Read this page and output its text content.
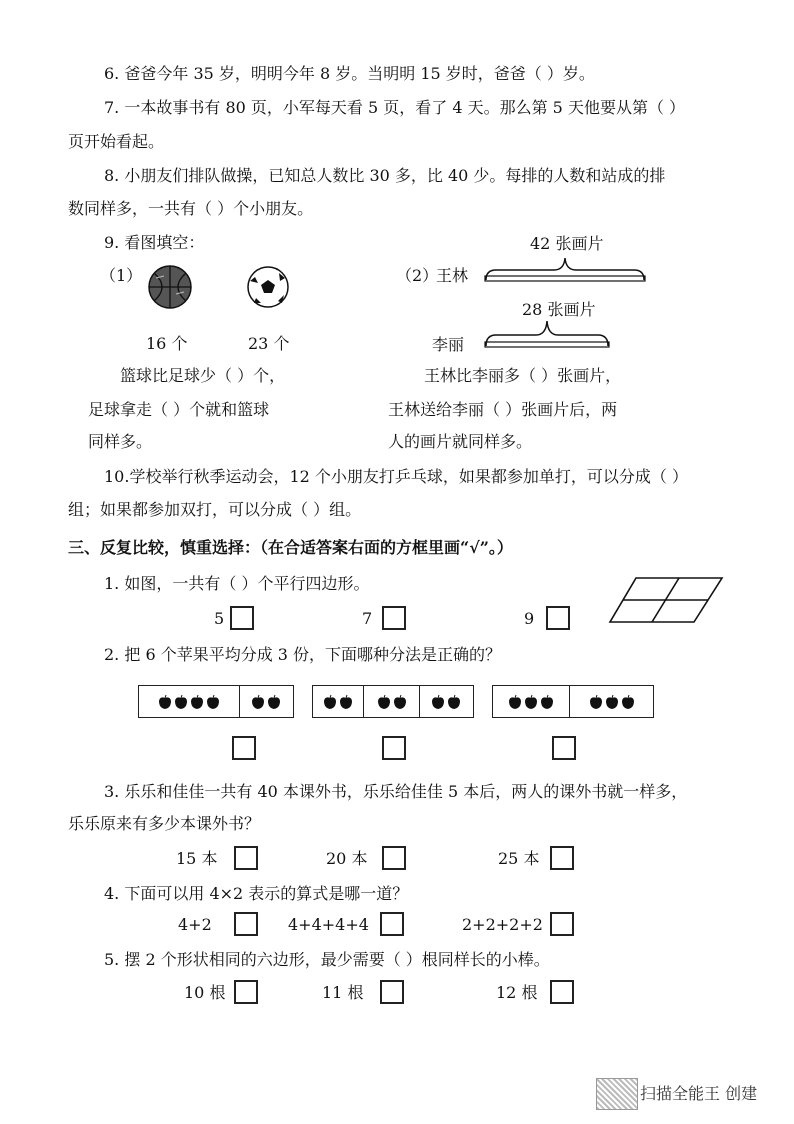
6. 爸爸今年 35 岁，明明今年 8 岁。当明明 15 岁时，爸爸（ ）岁。
7. 一本故事书有 80 页，小军每天看 5 页，看了 4 天。那么第 5 天他要从第（ ）
页开始看起。
8. 小朋友们排队做操，已知总人数比 30 多，比 40 少。每排的人数和站成的排
数同样多，一共有（ ）个小朋友。
9. 看图填空：
（1）
16 个	23 个
篮球比足球少（ ）个，
足球拿走（ ）个就和篮球
同样多。
（2）
王林
42 张画片
28 张画片
李丽
王林比李丽多（ ）张画片，
王林送给李丽（ ）张画片后，两
人的画片就同样多。
10.学校举行秋季运动会，12 个小朋友打乒乓球，如果都参加单打，可以分成（ ）
组；如果都参加双打，可以分成（ ）组。
三、反复比较，慎重选择：（在合适答案右面的方框里画“√”。）
1. 如图，一共有（ ）个平行四边形。
5	7	9
2. 把 6 个苹果平均分成 3 份，下面哪种分法是正确的？
3. 乐乐和佳佳一共有 40 本课外书，乐乐给佳佳 5 本后，两人的课外书就一样多，
乐乐原来有多少本课外书？
15 本	20 本	25 本
4. 下面可以用 4×2 表示的算式是哪一道？
4+2	4+4+4+4	2+2+2+2
5. 摆 2 个形状相同的六边形，最少需要（ ）根同样长的小棒。
10 根	11 根	12 根
扫描全能王 创建
